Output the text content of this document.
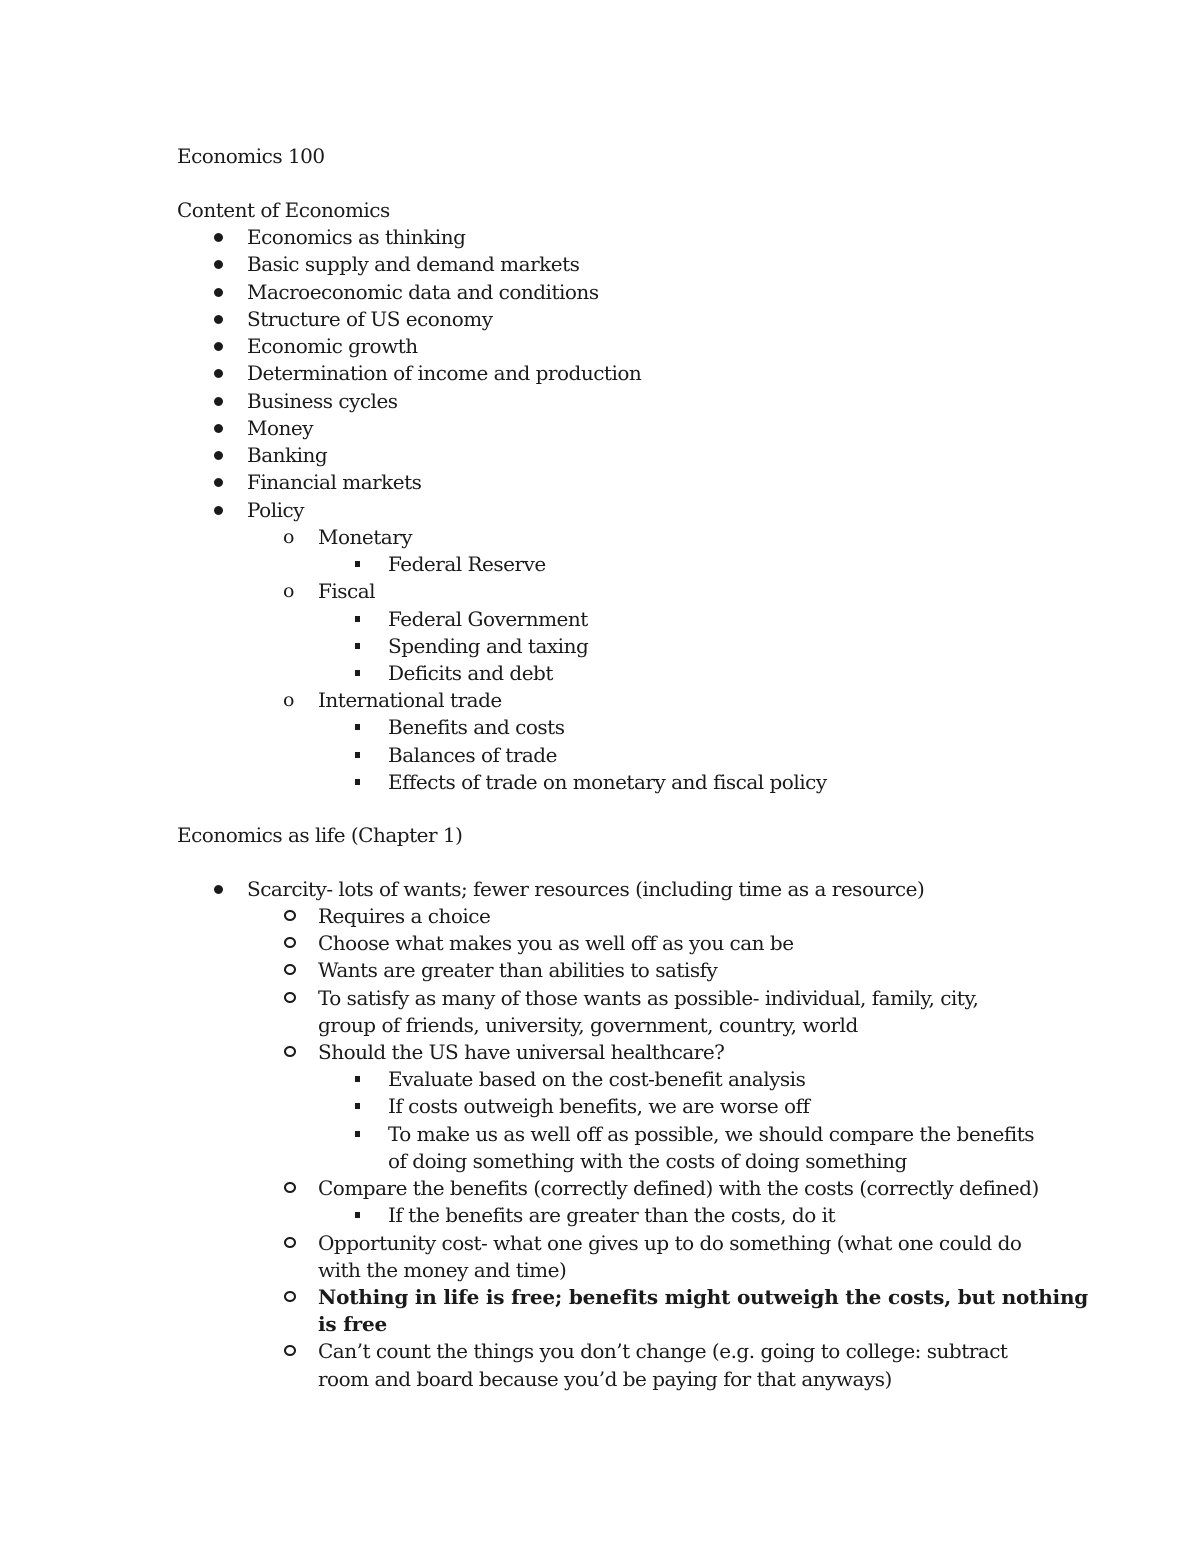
Economics 100
Content of Economics
Economics as thinking
Basic supply and demand markets
Macroeconomic data and conditions
Structure of US economy
Economic growth
Determination of income and production
Business cycles
Money
Banking
Financial markets
Policy
o Monetary
Federal Reserve
o Fiscal
Federal Government
Spending and taxing
Deficits and debt
o International trade
Benefits and costs
Balances of trade
Effects of trade on monetary and fiscal policy
Economics as life (Chapter 1)
Scarcity- lots of wants; fewer resources (including time as a resource)
Requires a choice
Choose what makes you as well off as you can be
Wants are greater than abilities to satisfy
To satisfy as many of those wants as possible- individual, family, city,
group of friends, university, government, country, world
Should the US have universal healthcare?
Evaluate based on the cost-benefit analysis
If costs outweigh benefits, we are worse off
To make us as well off as possible, we should compare the benefits
of doing something with the costs of doing something
Compare the benefits (correctly defined) with the costs (correctly defined)
If the benefits are greater than the costs, do it
Opportunity cost- what one gives up to do something (what one could do
with the money and time)
Nothing in life is free; benefits might outweigh the costs, but nothing
is free
Can’t count the things you don’t change (e.g. going to college: subtract
room and board because you’d be paying for that anyways)
